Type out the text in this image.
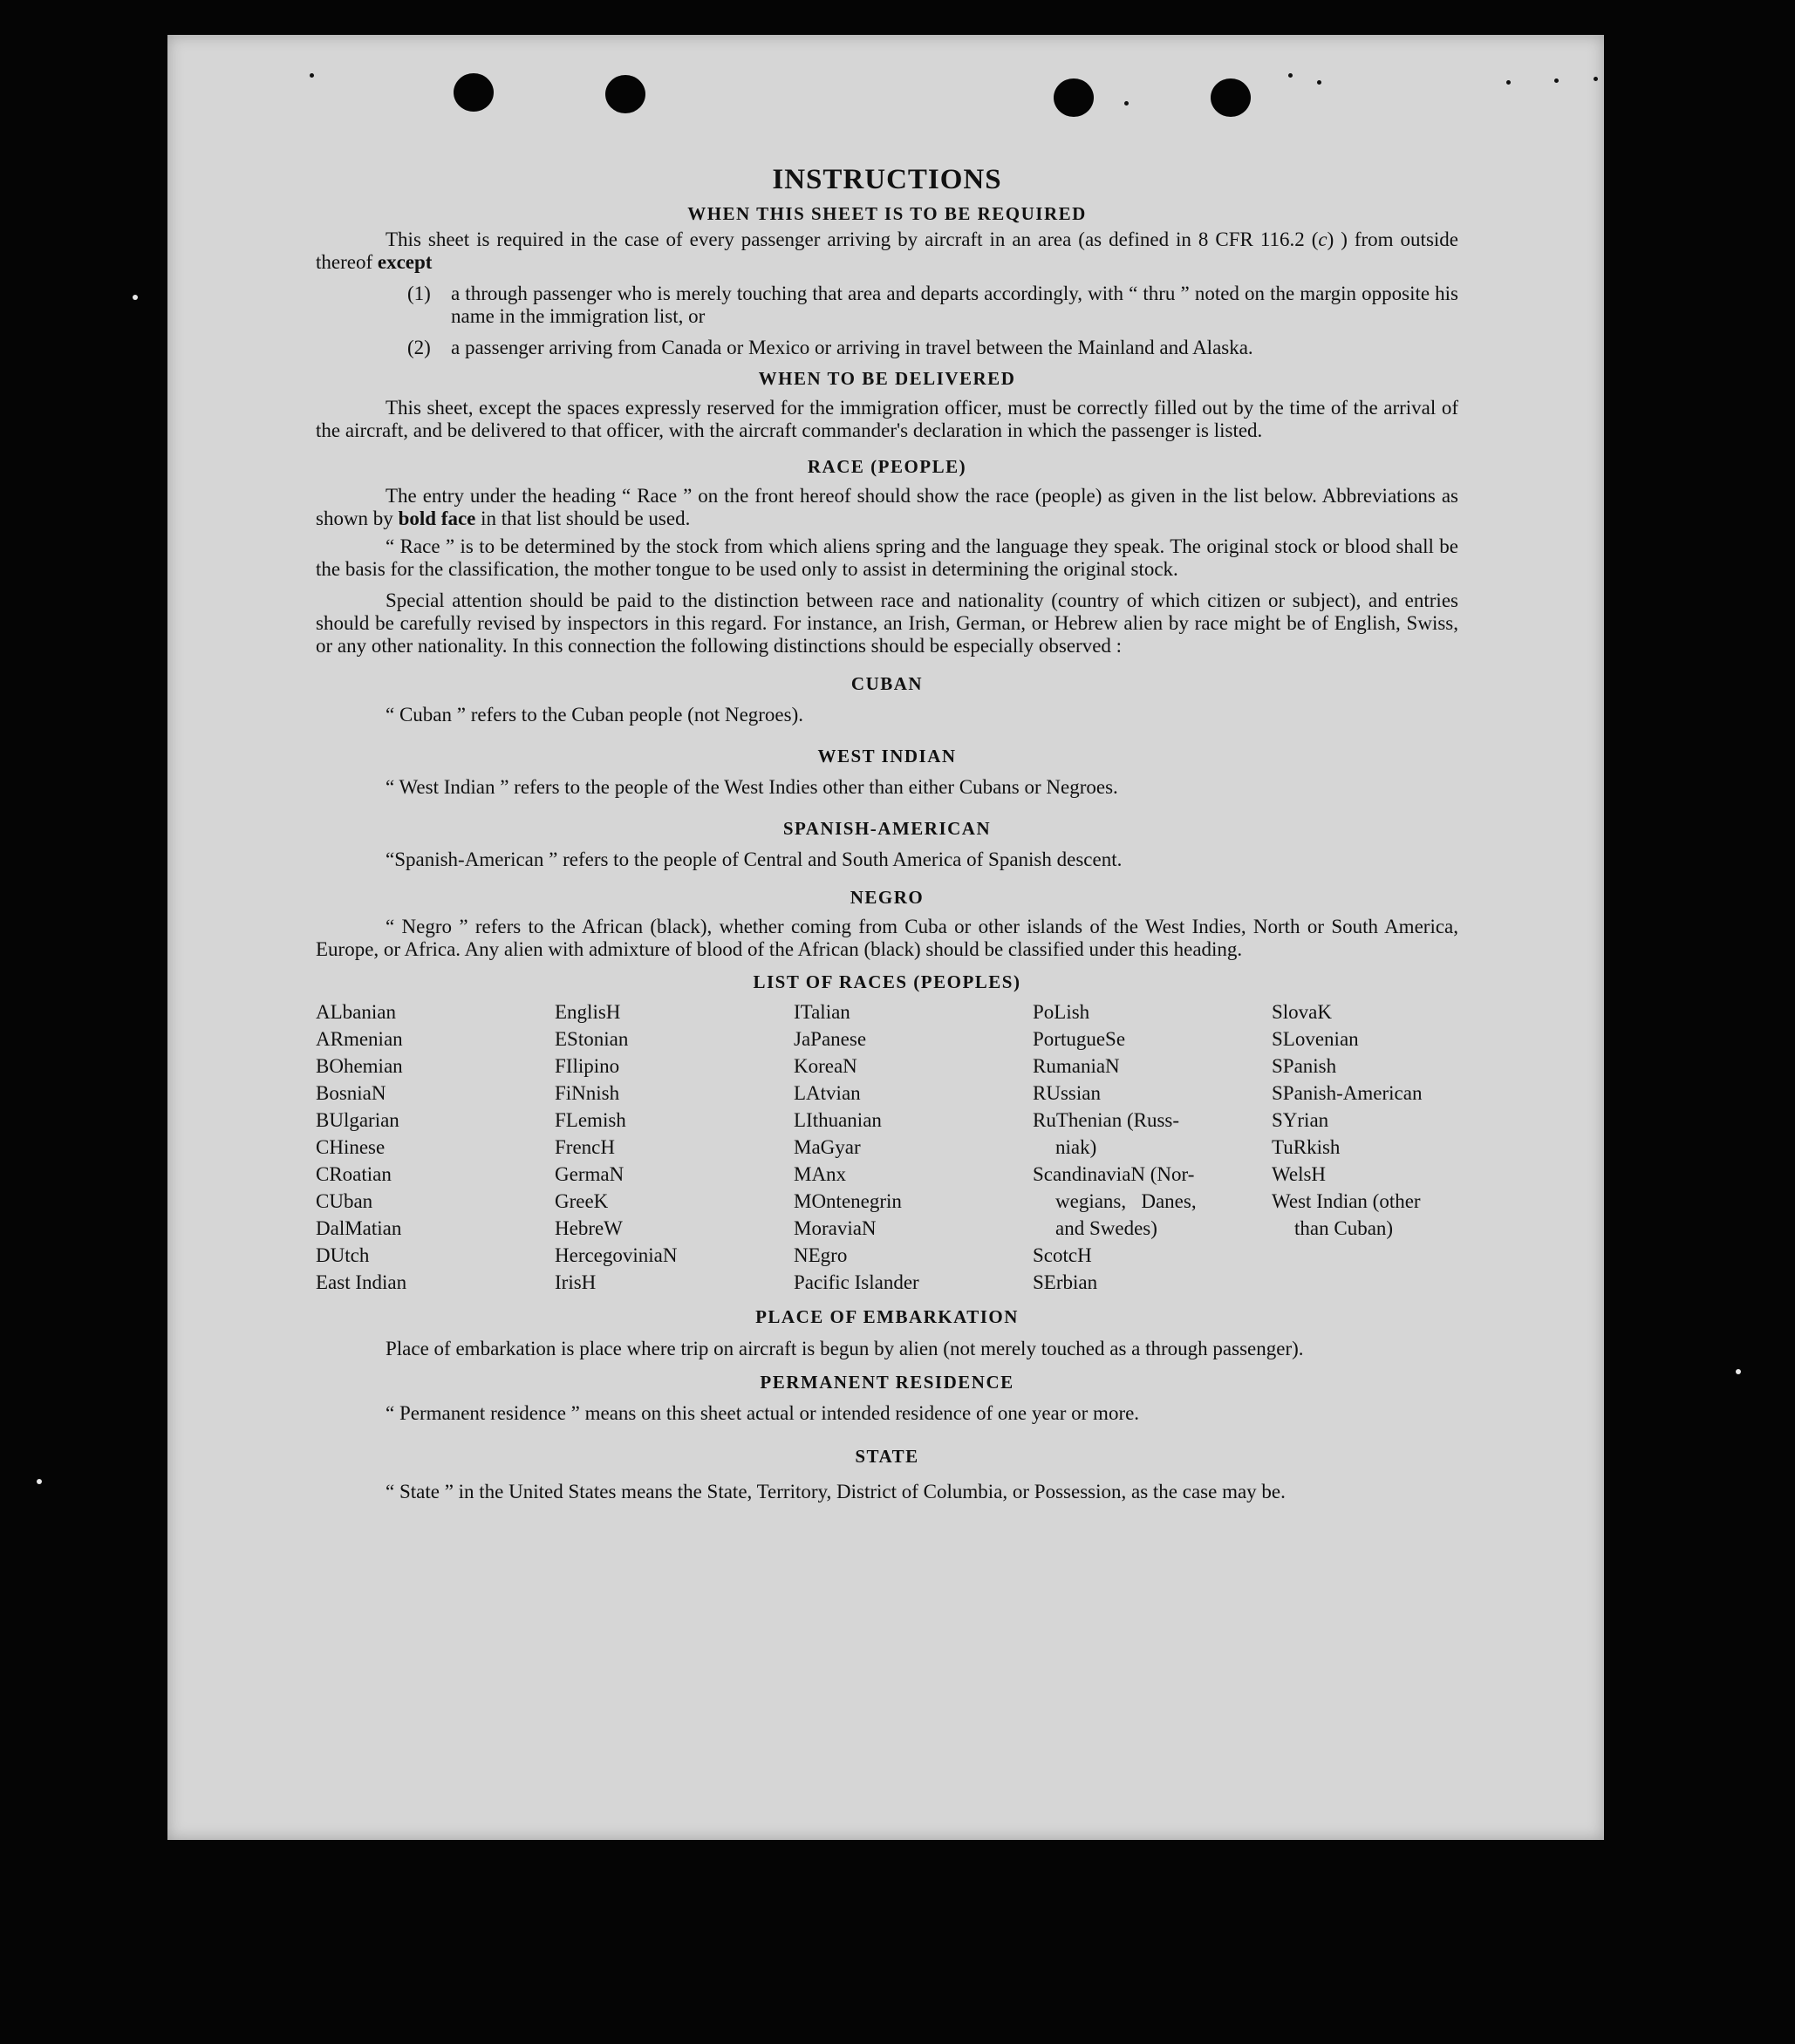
INSTRUCTIONS
WHEN THIS SHEET IS TO BE REQUIRED

This sheet is required in the case of every passenger arriving by aircraft in an area (as defined in 8 CFR 116.2 (c) ) from outside thereof except

(1) a through passenger who is merely touching that area and departs accordingly, with “ thru ” noted on the margin opposite his name in the immigration list, or
(2) a passenger arriving from Canada or Mexico or arriving in travel between the Mainland and Alaska.
WHEN TO BE DELIVERED

This sheet, except the spaces expressly reserved for the immigration officer, must be correctly filled out by the time of the arrival of the aircraft, and be delivered to that officer, with the aircraft commander's declaration in which the passenger is listed.

RACE (PEOPLE)

The entry under the heading “ Race ” on the front hereof should show the race (people) as given in the list below. Abbreviations as shown by bold face in that list should be used.

“ Race ” is to be determined by the stock from which aliens spring and the language they speak. The original stock or blood shall be the basis for the classification, the mother tongue to be used only to assist in determining the original stock.

Special attention should be paid to the distinction between race and nationality (country of which citizen or subject), and entries should be carefully revised by inspectors in this regard. For instance, an Irish, German, or Hebrew alien by race might be of English, Swiss, or any other nationality. In this connection the following distinctions should be especially observed :

CUBAN

“ Cuban ” refers to the Cuban people (not Negroes).

WEST INDIAN

“ West Indian ” refers to the people of the West Indies other than either Cubans or Negroes.

SPANISH-AMERICAN

“Spanish-American ” refers to the people of Central and South America of Spanish descent.

NEGRO

“ Negro ” refers to the African (black), whether coming from Cuba or other islands of the West Indies, North or South America, Europe, or Africa. Any alien with admixture of blood of the African (black) should be classified under this heading.

LIST OF RACES (PEOPLES)
ALbanian
ARmenian
BOhemian
BosniaN
BUlgarian
CHinese
CRoatian
CUban
DalMatian
DUtch
East Indian
EnglisH
EStonian
FIlipino
FiNnish
FLemish
FrencH
GermaN
GreeK
HebreW
HercegoviniaN
IrisH
ITalian
JaPanese
KoreaN
LAtvian
LIthuanian
MaGyar
MAnx
MOntenegrin
MoraviaN
NEgro
Pacific Islander
PoLish
PortugueSe
RumaniaN
RUssian
RuThenian (Russ-
niak)
ScandinaviaN (Nor-
wegians,   Danes,
and Swedes)
ScotcH
SErbian
SlovaK
SLovenian
SPanish
SPanish-American
SYrian
TuRkish
WelsH
West Indian (other
than Cuban)
PLACE OF EMBARKATION

Place of embarkation is place where trip on aircraft is begun by alien (not merely touched as a through passenger).

PERMANENT RESIDENCE

“ Permanent residence ” means on this sheet actual or intended residence of one year or more.

STATE

“ State ” in the United States means the State, Territory, District of Columbia, or Possession, as the case may be.
